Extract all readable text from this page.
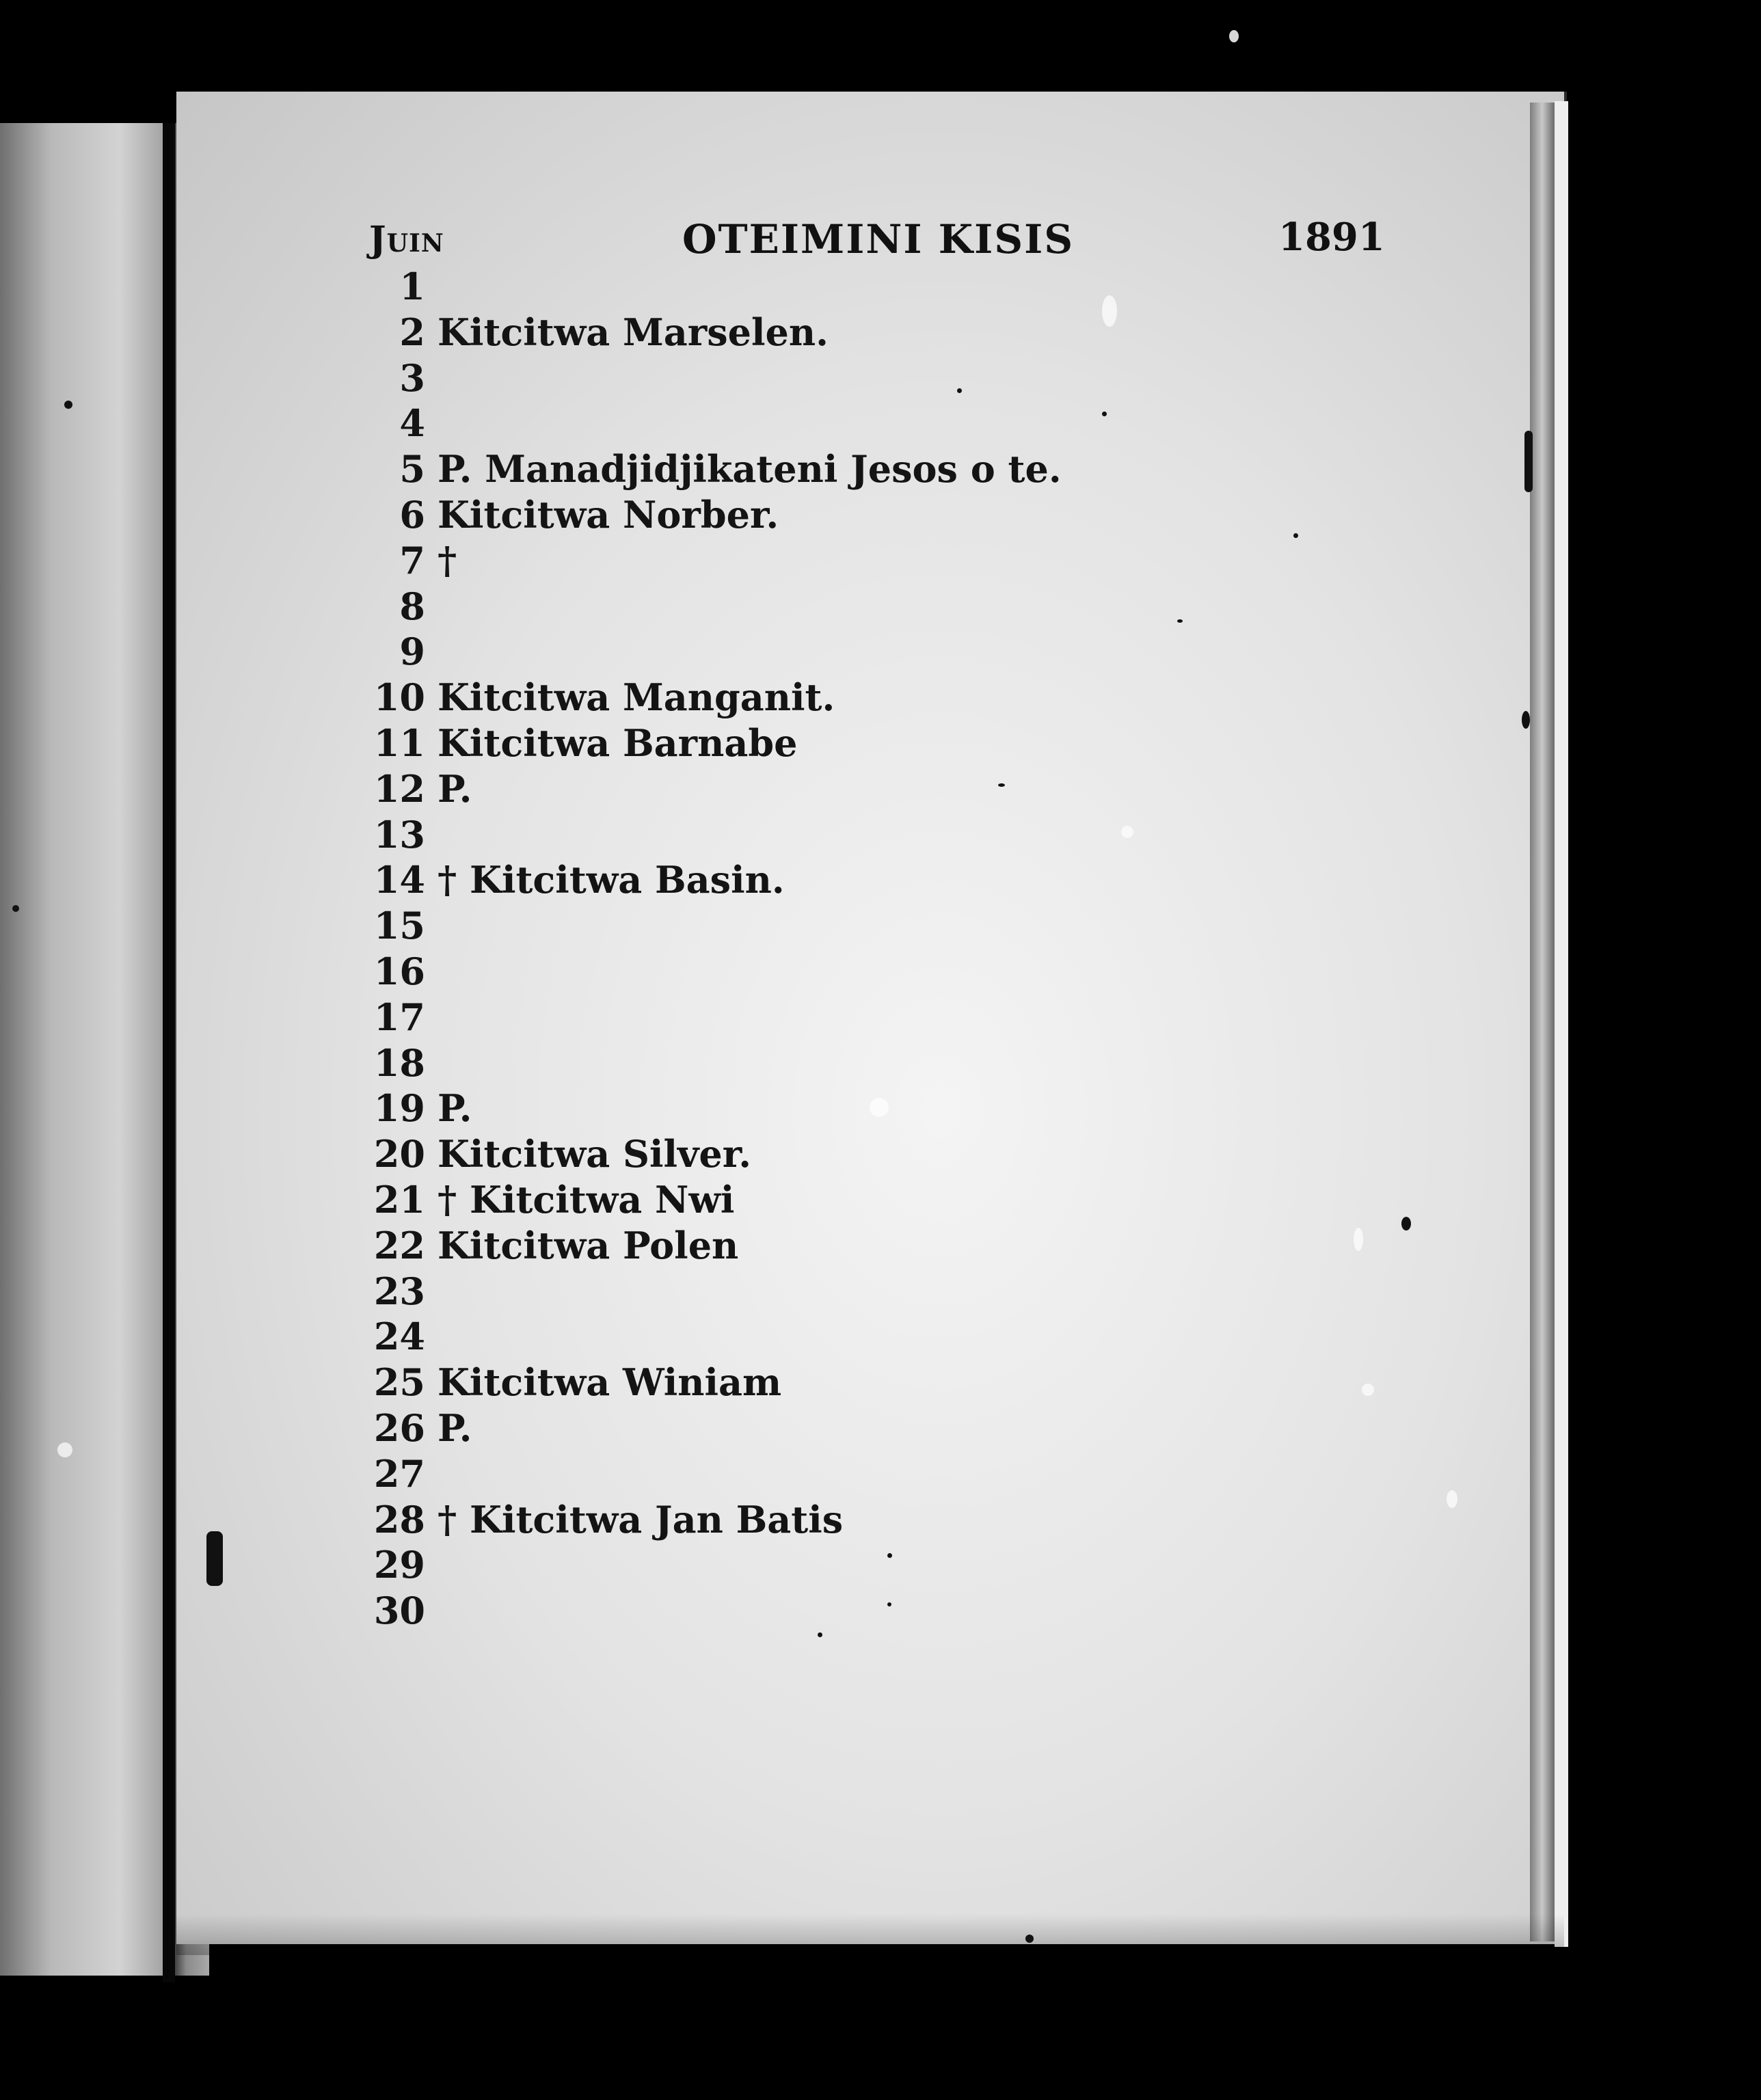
Juin	OTEIMINI KISIS	1891
1
2 Kitcitwa Marselen.
3
4
5 P. Manadjidjikateni Jesos o te.
6 Kitcitwa Norber.
7 †
8
9
10 Kitcitwa Manganit.
11 Kitcitwa Barnabe
12 P.
13
14 † Kitcitwa Basin.
15
16
17
18
19 P.
20 Kitcitwa Silver.
21 † Kitcitwa Nwi
22 Kitcitwa Polen
23
24
25 Kitcitwa Winiam
26 P.
27
28 † Kitcitwa Jan Batis
29
30
